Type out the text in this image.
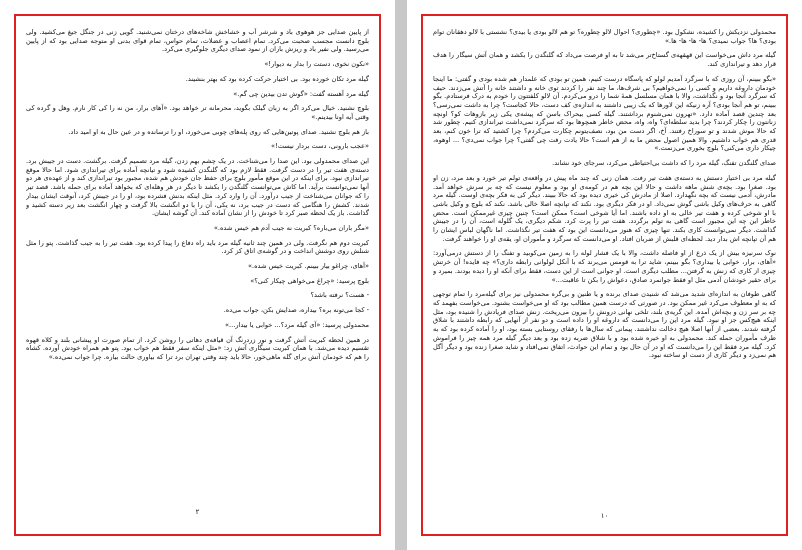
از پایین صدایی جز هوهوی باد و شرشر آب و خشاخش شاخه‌های درختان نمی‌شنید. گویی زنی در جنگل جیغ می‌کشید. ولی بلوچ دانست مجسب صحبت می‌کرد. تمام اعصاب و عضلات، تمام حواس، تمام قوای بدنی او متوجه صدایی بود که از پایین می‌رسید. ولی نفیر باد و ریزش باران از نمود صدای دیگری جلوگیری می‌کرد.

«نکون نخوی، دستت را بدار به دیوار!»

گیله مرد تکان خورده بود. بی اختیار حرکت کرده بود که بهتر بنشیند.

گیله مرد آهسته گفت: «گوش تدن بیدین چی گم.»

بلوچ نشنید. خیال می‌کرد اگر به زبان گیلک بگوید، محرمانه تر خواهد بود. «آهای برار، من نه را کی کار نارم. وهل و گرده کی وقتی آیه اونا بیدینم.»

باز هم بلوچ نشنید. صدای پوتین‌هایی که روی پله‌های چوبی می‌خورد، او را ترسانده و در عین حال به او امید داد.

«عجب بارونی، دست بردار نیست!»

این صدای محمدولی بود. این صدا را می‌شناخت. در یک چشم بهم زدن، گیله مرد تصمیم گرفت. برگشت. دست در جیبش برد. دسته‌ی هفت تیر را در دست گرفت. فقط لازم بود که گلنگدن کشیده شود و تیانچه آماده برای تیراندازی شود. اما حالا موقع تیراندازی نبود. برای اینکه در این موقع مأمور بلوچ برای حفظ جان خودش هم شده، مجبور بود تیراندازی کند و از عهده‌ی هر دو آنها نمی‌توانست برآید. اما کاش می‌توانست گلنگدن را بکشد تا دیگر در هر وهله‌ای که بخواهد آماده برای حمله باشد. قصد تیر را که جوانان می‌شناخت از جیب درآورد. آن را وارد کرد. مثل اینکه بدنش فشرده بود، او را در جیبش کرد، آنوقت ایشان بیدار شدند. کشش را هنگامی که دست در جیب برد، نه یکی، آن را با دو انگشت بالا گرفت و چهار انگشت بعد زیر دسته کشید و گذاشت. باز یک لحظه صبر کرد تا خودش را از نشان آماده کند. آن گوشه ایشان.

«مگر باران می‌باره؟ کبریت نه جیب آدم هم خیس شده.»

کبریت دوم هم نگرفت. ولی در همین چند ثانیه گیله مرد باید راه دفاع را پیدا کرده بود. هفت تیر را به جیب گذاشت. پتو را مثل شنلش روی دوشش انداخت و در گوشه‌ی اتاق کز کرد.

«آهای، چراغو بیار ببینم. کبریت خیس شده.»

بلوچ پرسید: «چراغ می‌خواهی چیکار کنی؟»

- هست؟ نرفته باشد؟

- کجا می‌تونه بره؟ بیداره، صدایش بکن، جواب می‌ده.

محمدولی پرسید: «آی گیله مرد؟... خوابی یا بیدار...»

در همین لحظه کبریت آتش گرفت و نور زردرنگ آن قیافه‌ی دهاتی را روشن کرد. از تمام صورت او پیشانی بلند و کلاه قهوه تقسیم دیده می‌شد. با همان کبریت سیگاری آتش زد: «مثل اینکه سفر فقط هم خواب بود. پتو هم همراه خودش آورده. کشاه را هم که خودمان آتش برای گله ماهی‌خور، حالا باید چند وقتی تهران برد ترا که بیاوری حالت بیاره. چرا جواب نمی‌ده.»

۲

محمدولی نزدیکش را کشیده، نشکول بود. «چطوری؟ احوال لالو چطوره؟ تو هم لالو بودی یا بیدی؟ نشستی با لالو دهقانان توام بودی؟ ها؟ جواب نمیدی؟ ها- ها- ها- ها.»

گیله مرد داش می‌خواست این قهقهه‌ی گستاخ‌تر می‌شد تا به او فرصت می‌داد که گلنگدن را بکشد و همان آتش سیگار را هدف قرار دهد و تیراندازی کند.

«بگو ببینم، آن روزی که با سرگرد آمدیم لولو که پاسگاه درست کنیم، همین تو بودی که علمدار هم شده بودی و گفتی: ما اینجا خودمان داروغه داریم و کسی را نمی‌خواهیم؟ بی شرف‌ها، ما چند نفر را کردند توی خانه و داشتند خانه را آتش می‌زدند. حیف که سرگرد آنجا بود و نگذاشت، والا با همان مسلسل همهٔ شما را درو می‌کردم. آن لالو کلفتتون را خودم به درک فرستادم. بگو ببینم، تو هم آنجا بودی؟ آره زنیکه این لاورها که یک زیبی داشتند به اندازه‌ی کف دست، حالا کجاست؟ چرا به داشت نمی‌رسی؟ بعد چندین قصد آماده دارد. «تهرون نمی‌شنوم برداشتند. گیله کسی بیحراک باسن که پیشه‌ی یکی زیر بازوهات کو؟ اونچه زنانتون را چکار کردند؟ چرا بدید سلطه‌ای؟ واه، واه، محض خاطر همچو‌ها بود که سرگرد نمی‌داشت تیراندازی کنیم. چطور شد که حالا موش شدند و تو سوراخ رفتند. آخ، اگر دست من بود، نصف‌یتونم چکارت می‌کردم؟ چرا کشتید که ترا خون کنم، بعد قدری هم خواب داشتیم. والا همین اصول محض ما به از هم است؟ حالا یادت رفت چی گفتی؟ چرا جواب نمی‌دی؟ ... اوهوه، چیکار داری می‌کنی؟ بلوچ بخوری می‌زنمت.»

صدای گلنگدن تفنگ، گیله مرد را که داشت بی‌احتیاطی می‌کرد، سرجای خود نشاند.

گیله مرد بی اختیار دستش به دسته‌ی هفت تیر رفت. همان زنی که چند ماه پیش در واقعه‌ی تولم تیر خورد و بعد مرد، زن او بود. صغرا بود. بچه‌ی شش ماهه داشت و حالا این بچه هم در کومه‌ی او بود و معلوم نیست که چه بر سرش خواهد آمد. مادرش، آدمی نیست که بچه نگهدارد. اصلا از مادرش کی خیری دیده بود که حالا ببیند. دیگر کی به فکر بچه‌ی اوست. گیله مرد گاهی به حرف‌های وکیل باشی گوش نمی‌داد. او در فکر دیگری بود. نکند که تپانچه اصلا خالی باشد. نکند که بلوچ و وکیل باشی با او شوخی کرده و هفت تیر خالی به او داده باشند. اما آیا شوخی است؟ ممکن است؟ چنین چیزی غیرممکن است. محض خاطر این چه این مجبور است گاهی به تولم برگردد. هفت تیر را پرت کرد. شکم دیگری، یک گلوله است، آن را در جیبش گذاشت. دیگر نمی‌توانست کاری بکند. تنها چیزی که هنوز می‌دانست این بود که هفت تیر نگذاشت. اما ناگهان لباس ایشان را هم آن تپانچه اش بدار دید. لحظه‌ای قلبش از ضربان افتاد. او می‌دانست که سرگرد و مأموران او، یقه‌ی او را خواهند گرفت.

نوک سرنیزه بیش از یک ذرع از او فاصله داشت، والا با یک فشار لوله را به زمین می‌کوبید و تفنگ را از دستش درمی‌آورد: «آهای، برار، خوابی یا بیداری؟ بگو ببینم، شاید ترا به قومس می‌برند که با آنکل لولوانی رابطه داری؟» چه فایده! آن خرتش چیزی از کاری که زنش به گرفتن... مطلب دیگری است. او جوانی است از این دست، فقط برای آنکه او را دیده بودند. بمیرد و برای حقیر خودشان آدمی مثل او فقط جوانمرد صادق، دعواش را بکن تا عاقبت...»

گاهی طوفان به اندازه‌ای شدید می‌شد که شنیدن صدای برنده و یا طنین و بی‌گره محمدولی نیز برای گیله‌مرد را تمام توجهی که به او معطوف می‌کرد غیر ممکن بود. در صورتی که درست همین مطالب بود که او می‌خواست بشنود. می‌خواست بفهمد که چه بر سر زن و بچه‌اش آمده. این گریه‌ی بلند، تلخی نهانی درونش را بیرون می‌ریخت. زنش صدای فریادش را شنیده بود، مثل اینکه هیچ‌کس جز او نبود. گیله مرد این را می‌دانست که داروغه او را داده است و دو نفر از آنهایی که رابطه داشتند با شلاق گرفته شدند. بعضی از آنها اصلا هیچ دخالت نداشتند. پیمانی که سال‌ها با رفقای روستایی بسته بود، او را آماده کرده بود که به طرف مأموران حمله کند. محمدولی به او خیره شده بود و با شلاق ضربه زده بود و بعد دیگر گیله مرد همه چیز را فراموش کرد. گیله مرد فقط این را می‌دانست که او در آن حال بود و تمام این حوادث، اتفاق نمی‌افتاد و شاید صغرا زنده بود و دیگر آگل هم نمی‌زد و دیگر کاری از دست او ساخته نبود.

۱۰
